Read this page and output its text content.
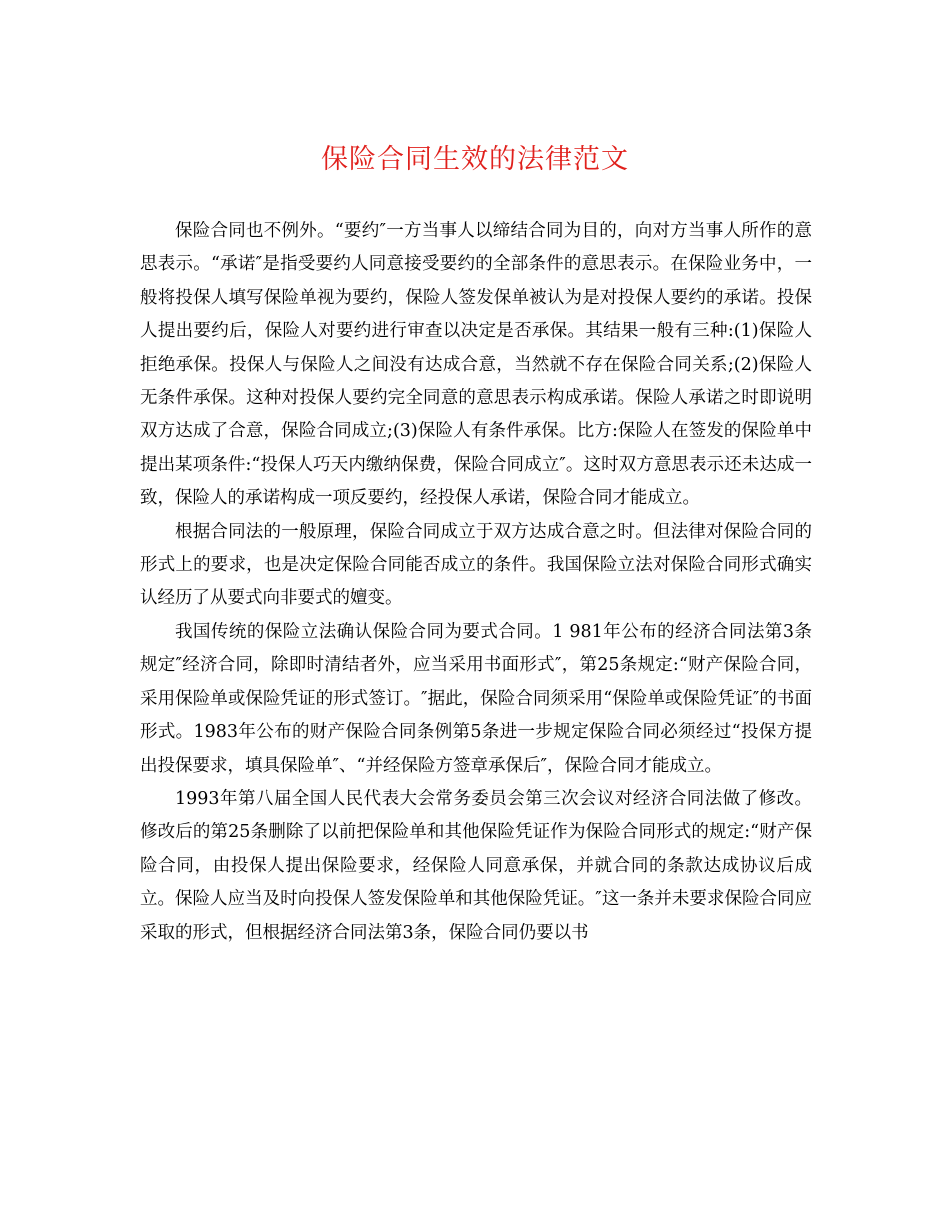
保险合同生效的法律范文

保险合同也不例外。“要约″一方当事人以缔结合同为目的，向对方当事人所作的意思表示。“承诺″是指受要约人同意接受要约的全部条件的意思表示。在保险业务中，一般将投保人填写保险单视为要约，保险人签发保单被认为是对投保人要约的承诺。投保人提出要约后，保险人对要约进行审查以决定是否承保。其结果一般有三种:(1)保险人拒绝承保。投保人与保险人之间没有达成合意，当然就不存在保险合同关系;(2)保险人无条件承保。这种对投保人要约完全同意的意思表示构成承诺。保险人承诺之时即说明双方达成了合意，保险合同成立;(3)保险人有条件承保。比方:保险人在签发的保险单中提出某项条件:“投保人巧天内缴纳保费，保险合同成立″。这时双方意思表示还未达成一致，保险人的承诺构成一项反要约，经投保人承诺，保险合同才能成立。

根据合同法的一般原理，保险合同成立于双方达成合意之时。但法律对保险合同的形式上的要求，也是决定保险合同能否成立的条件。我国保险立法对保险合同形式确实认经历了从要式向非要式的嬗变。

我国传统的保险立法确认保险合同为要式合同。1 981年公布的经济合同法第3条规定″经济合同，除即时清结者外，应当采用书面形式″，第25条规定:“财产保险合同，采用保险单或保险凭证的形式签订。″据此，保险合同须采用“保险单或保险凭证″的书面形式。1983年公布的财产保险合同条例第5条进一步规定保险合同必须经过“投保方提出投保要求，填具保险单″、“并经保险方签章承保后″，保险合同才能成立。

1993年第八届全国人民代表大会常务委员会第三次会议对经济合同法做了修改。修改后的第25条删除了以前把保险单和其他保险凭证作为保险合同形式的规定:“财产保险合同，由投保人提出保险要求，经保险人同意承保，并就合同的条款达成协议后成立。保险人应当及时向投保人签发保险单和其他保险凭证。″这一条并未要求保险合同应采取的形式，但根据经济合同法第3条，保险合同仍要以书
